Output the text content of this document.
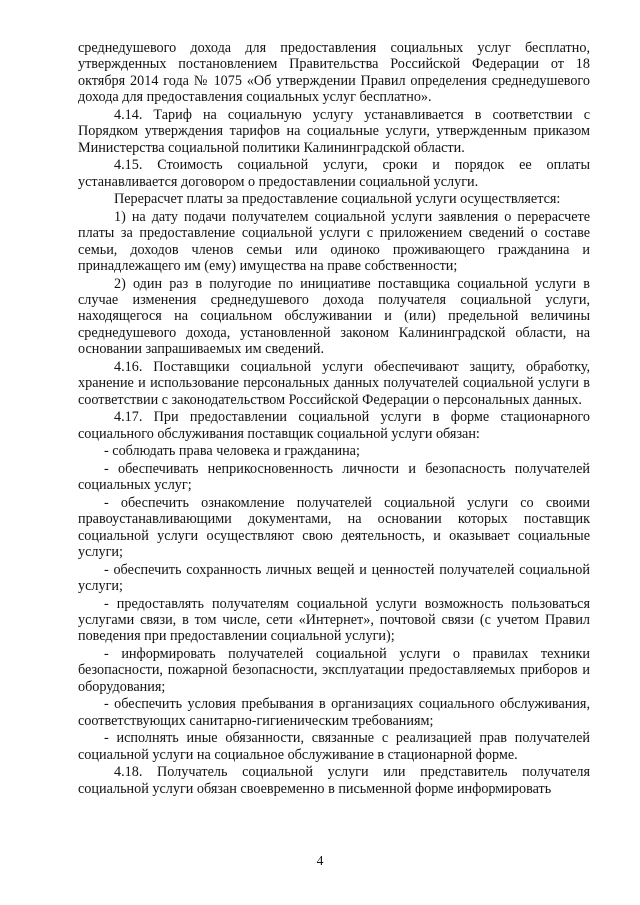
среднедушевого дохода для предоставления социальных услуг бесплатно, утвержденных постановлением Правительства Российской Федерации от 18 октября 2014 года № 1075 «Об утверждении Правил определения среднедушевого дохода для предоставления социальных услуг бесплатно».

4.14. Тариф на социальную услугу устанавливается в соответствии с Порядком утверждения тарифов на социальные услуги, утвержденным приказом Министерства социальной политики Калининградской области.

4.15. Стоимость социальной услуги, сроки и порядок ее оплаты устанавливается договором о предоставлении социальной услуги.

Перерасчет платы за предоставление социальной услуги осуществляется:

1) на дату подачи получателем социальной услуги заявления о перерасчете платы за предоставление социальной услуги с приложением сведений о составе семьи, доходов членов семьи или одиноко проживающего гражданина и принадлежащего им (ему) имущества на праве собственности;

2) один раз в полугодие по инициативе поставщика социальной услуги в случае изменения среднедушевого дохода получателя социальной услуги, находящегося на социальном обслуживании и (или) предельной величины среднедушевого дохода, установленной законом Калининградской области, на основании запрашиваемых им сведений.

4.16. Поставщики социальной услуги обеспечивают защиту, обработку, хранение и использование персональных данных получателей социальной услуги в соответствии с законодательством Российской Федерации о персональных данных.

4.17. При предоставлении социальной услуги в форме стационарного социального обслуживания поставщик социальной услуги обязан:

- соблюдать права человека и гражданина;

- обеспечивать неприкосновенность личности и безопасность получателей социальных услуг;

- обеспечить ознакомление получателей социальной услуги со своими правоустанавливающими документами, на основании которых поставщик социальной услуги осуществляют свою деятельность, и оказывает социальные услуги;

- обеспечить сохранность личных вещей и ценностей получателей социальной услуги;

- предоставлять получателям социальной услуги возможность пользоваться услугами связи, в том числе, сети «Интернет», почтовой связи (с учетом Правил поведения при предоставлении социальной услуги);

- информировать получателей социальной услуги о правилах техники безопасности, пожарной безопасности, эксплуатации предоставляемых приборов и оборудования;

- обеспечить условия пребывания в организациях социального обслуживания, соответствующих санитарно-гигиеническим требованиям;

- исполнять иные обязанности, связанные с реализацией прав получателей социальной услуги на социальное обслуживание в стационарной форме.

4.18. Получатель социальной услуги или представитель получателя социальной услуги обязан своевременно в письменной форме информировать

4
